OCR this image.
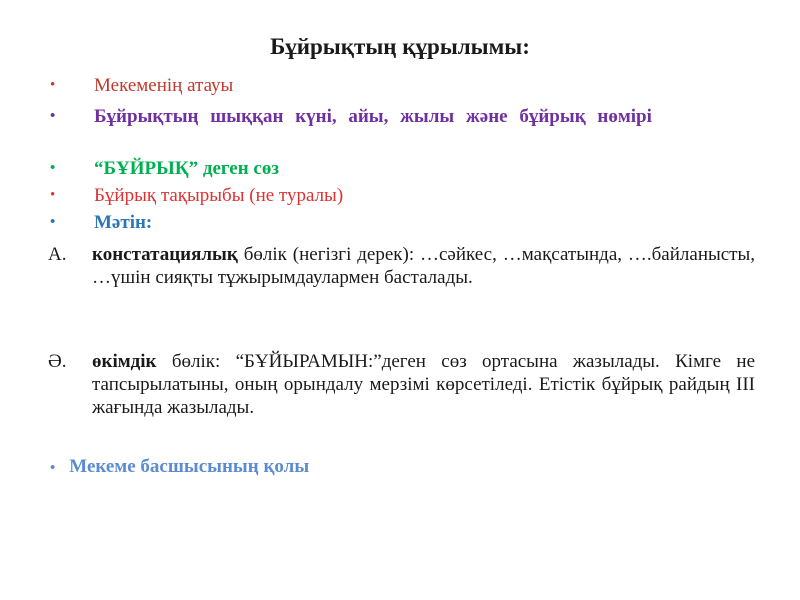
Бұйрықтың құрылымы:
• Мекеменің атауы
• Бұйрықтың шыққан күні, айы, жылы және бұйрық нөмірі
• “БҰЙРЫҚ” деген сөз
• Бұйрық тақырыбы (не туралы)
• Мәтін:
А. констатациялық бөлік (негізгі дерек): …сәйкес, …мақсатында, ….байланысты, …үшін сияқты тұжырымдаулармен басталады.
Ә. өкімдік бөлік: “БҰЙЫРАМЫН:”деген сөз ортасына жазылады. Кімге не тапсырылатыны, оның орындалу мерзімі көрсетіледі. Етістік бұйрық райдың ІІІ жағында жазылады.
• Мекеме басшысының қолы
